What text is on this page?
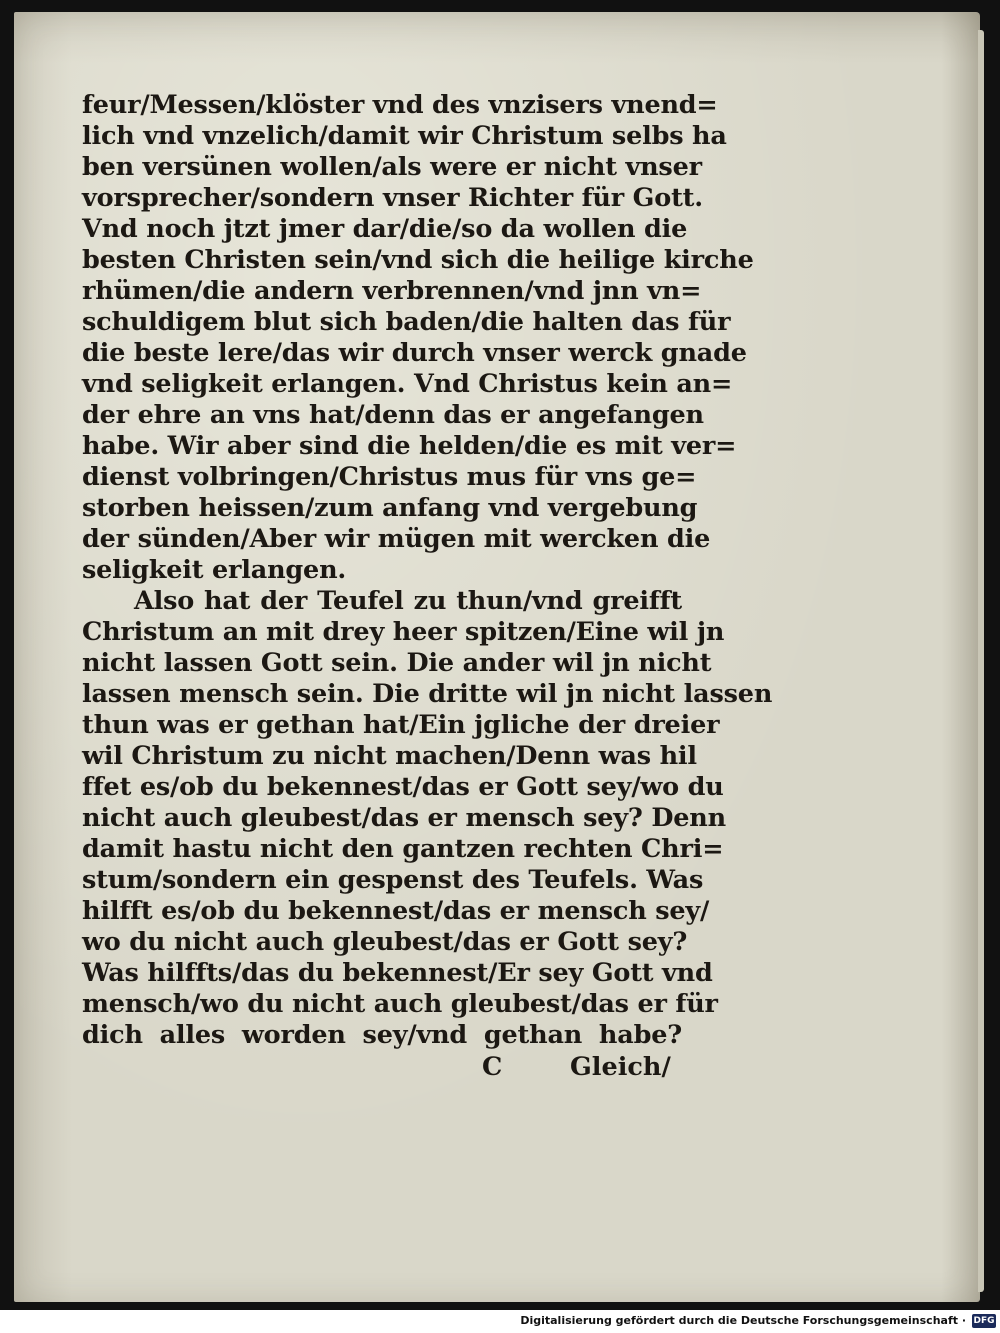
feur/Messen/klöster vnd des vnzisers vnend=
lich vnd vnzelich/damit wir Christum selbs ha
ben versünen wollen/als were er nicht vnser
vorsprecher/sondern vnser Richter für Gott.
Vnd noch jtzt jmer dar/die/so da wollen die
besten Christen sein/vnd sich die heilige kirche
rhümen/die andern verbrennen/vnd jnn vn=
schuldigem blut sich baden/die halten das für
die beste lere/das wir durch vnser werck gnade
vnd seligkeit erlangen. Vnd Christus kein an=
der ehre an vns hat/denn das er angefangen
habe. Wir aber sind die helden/die es mit ver=
dienst volbringen/Christus mus für vns ge=
storben heissen/zum anfang vnd vergebung
der sünden/Aber wir mügen mit wercken die
seligkeit erlangen.
Also hat der Teufel zu thun/vnd greifft
Christum an mit drey heer spitzen/Eine wil jn
nicht lassen Gott sein. Die ander wil jn nicht
lassen mensch sein. Die dritte wil jn nicht lassen
thun was er gethan hat/Ein jgliche der dreier
wil Christum zu nicht machen/Denn was hil
ffet es/ob du bekennest/das er Gott sey/wo du
nicht auch gleubest/das er mensch sey? Denn
damit hastu nicht den gantzen rechten Chri=
stum/sondern ein gespenst des Teufels. Was
hilfft es/ob du bekennest/das er mensch sey/
wo du nicht auch gleubest/das er Gott sey?
Was hilffts/das du bekennest/Er sey Gott vnd
mensch/wo du nicht auch gleubest/das er für
dich alles worden sey/vnd gethan habe?
C	Gleich/
Digitalisierung gefördert durch die Deutsche Forschungsgemeinschaft · DFG
